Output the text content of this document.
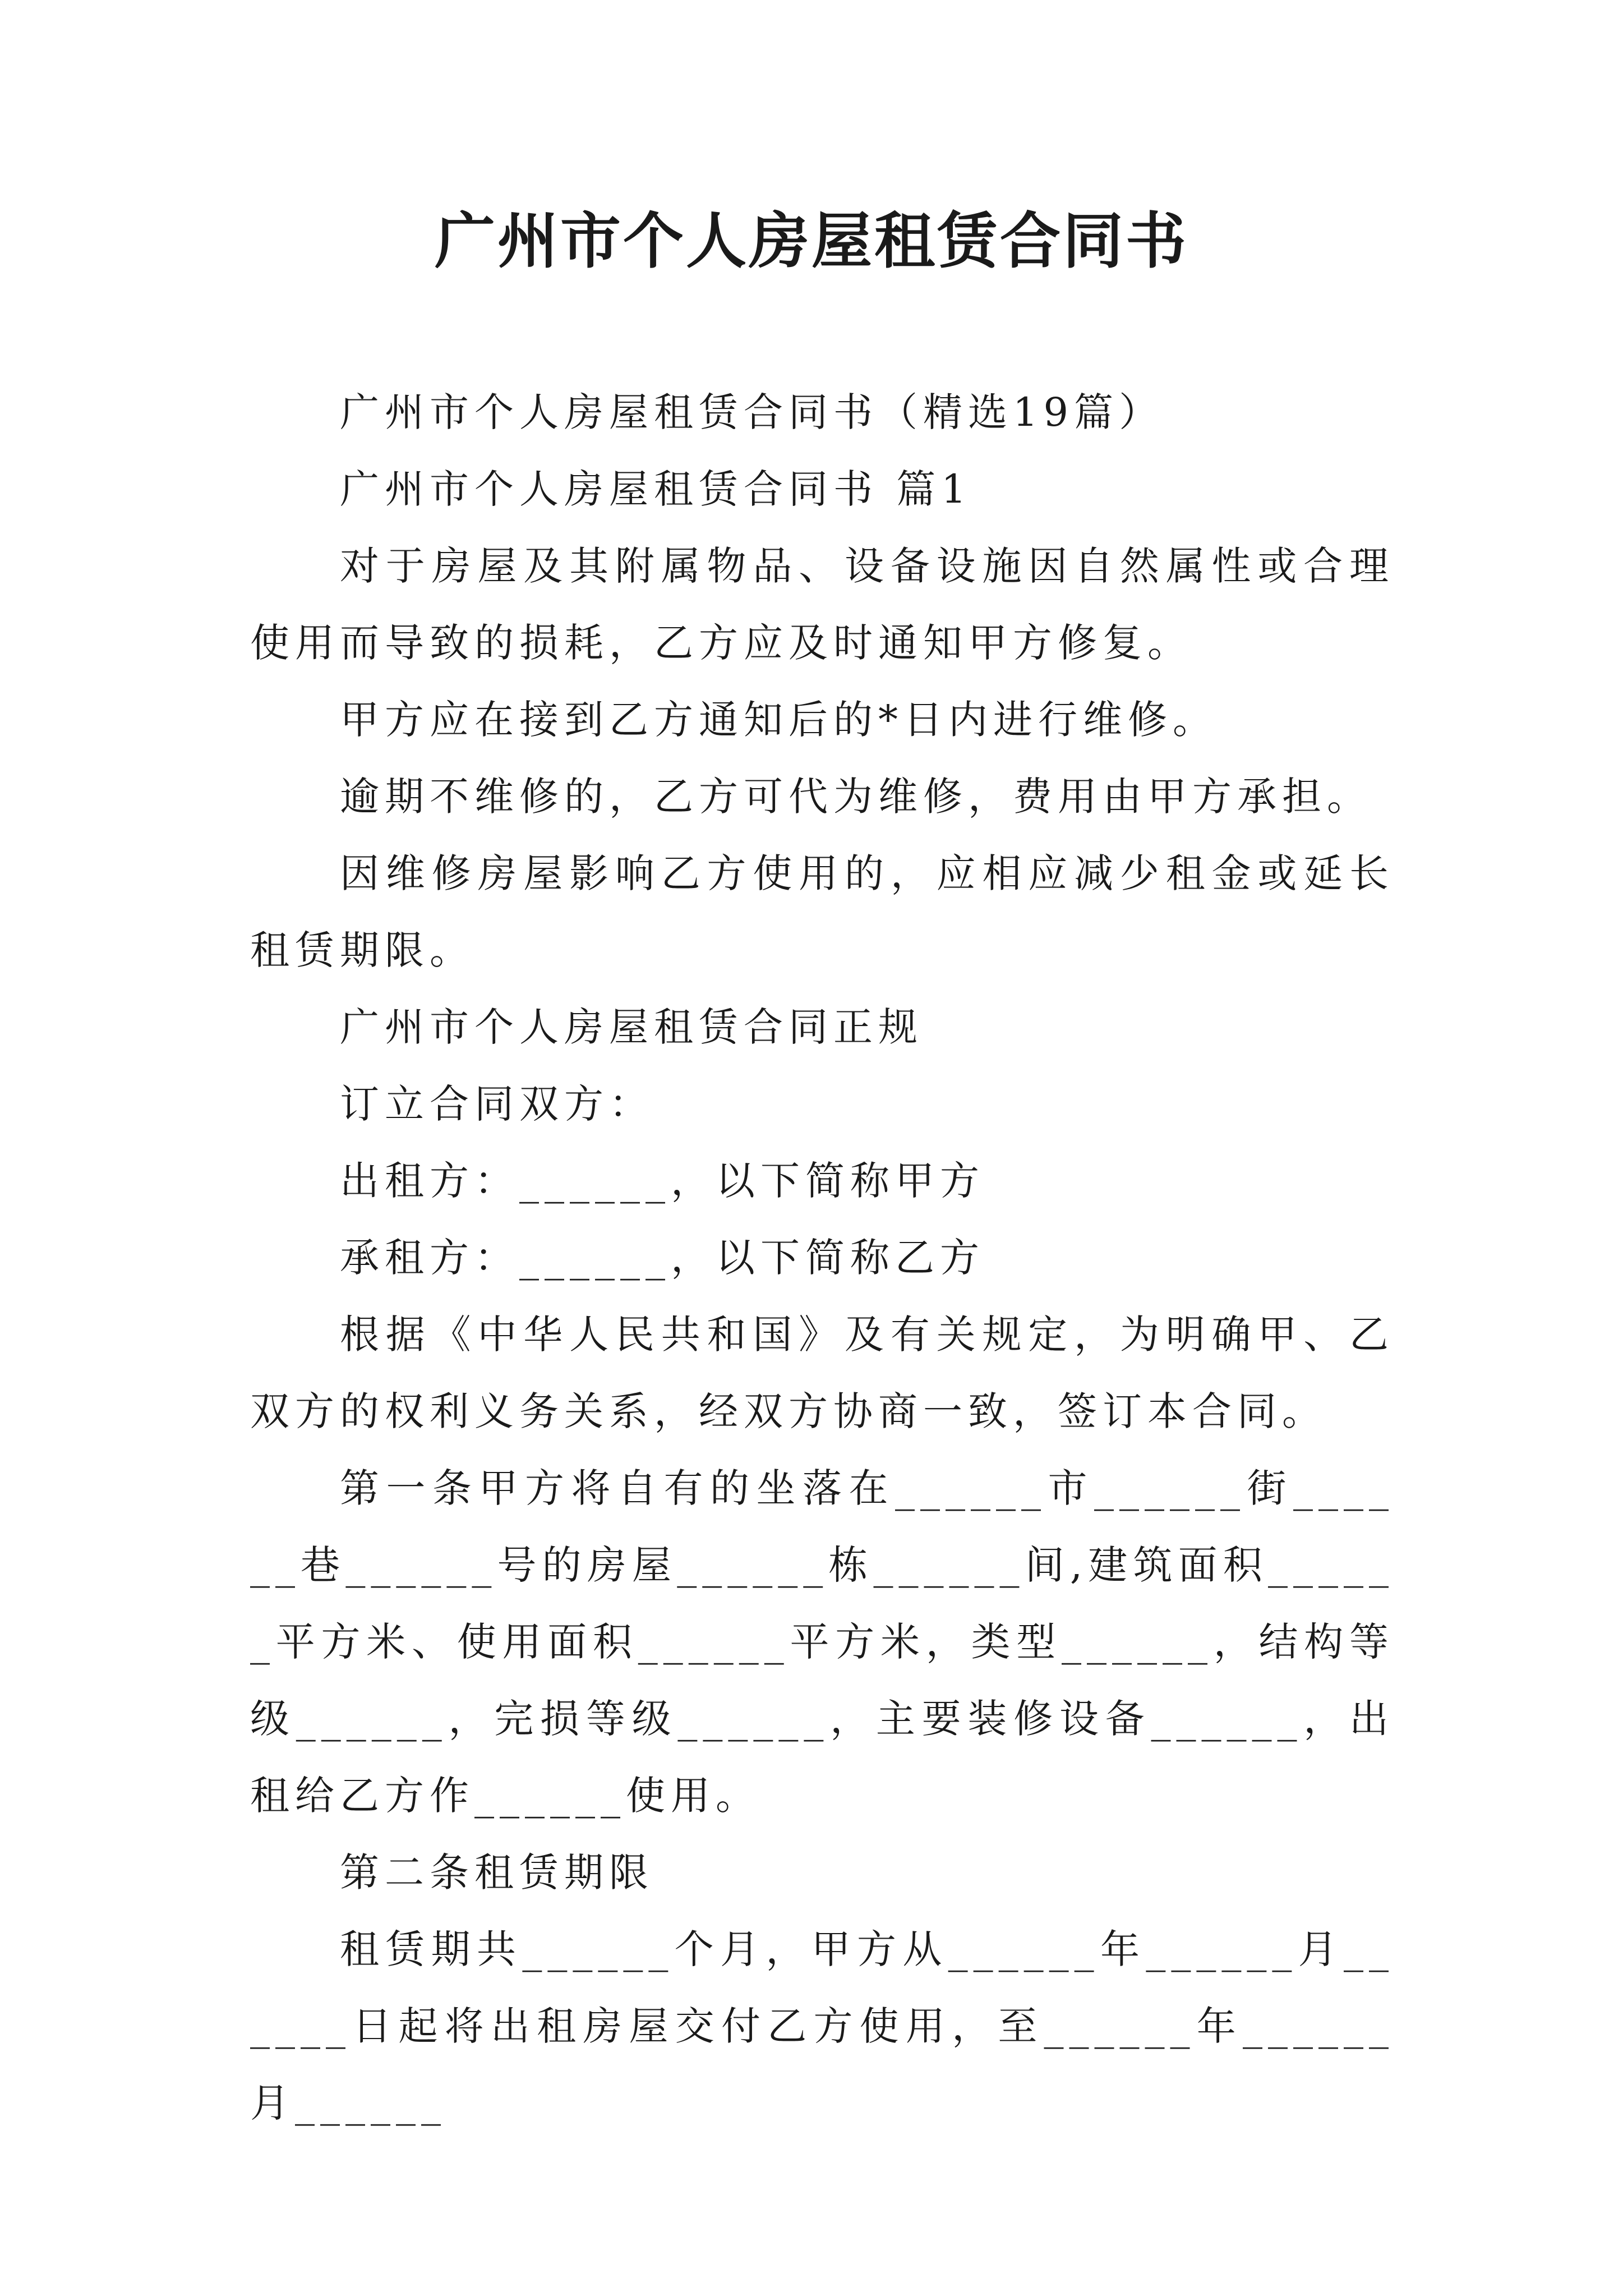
广州市个人房屋租赁合同书

广州市个人房屋租赁合同书（精选19篇）

广州市个人房屋租赁合同书 篇1

对于房屋及其附属物品、设备设施因自然属性或合理使用而导致的损耗，乙方应及时通知甲方修复。

甲方应在接到乙方通知后的*日内进行维修。

逾期不维修的，乙方可代为维修，费用由甲方承担。

因维修房屋影响乙方使用的，应相应减少租金或延长租赁期限。

广州市个人房屋租赁合同正规

订立合同双方：

出租方：______，以下简称甲方

承租方：______，以下简称乙方

根据《中华人民共和国》及有关规定，为明确甲、乙双方的权利义务关系，经双方协商一致，签订本合同。

第一条甲方将自有的坐落在______市______街______巷______号的房屋______栋______间,建筑面积______平方米、使用面积______平方米，类型______，结构等级______，完损等级______，主要装修设备______，出租给乙方作______使用。

第二条租赁期限

租赁期共______个月，甲方从______年______月______日起将出租房屋交付乙方使用，至______年______月______
